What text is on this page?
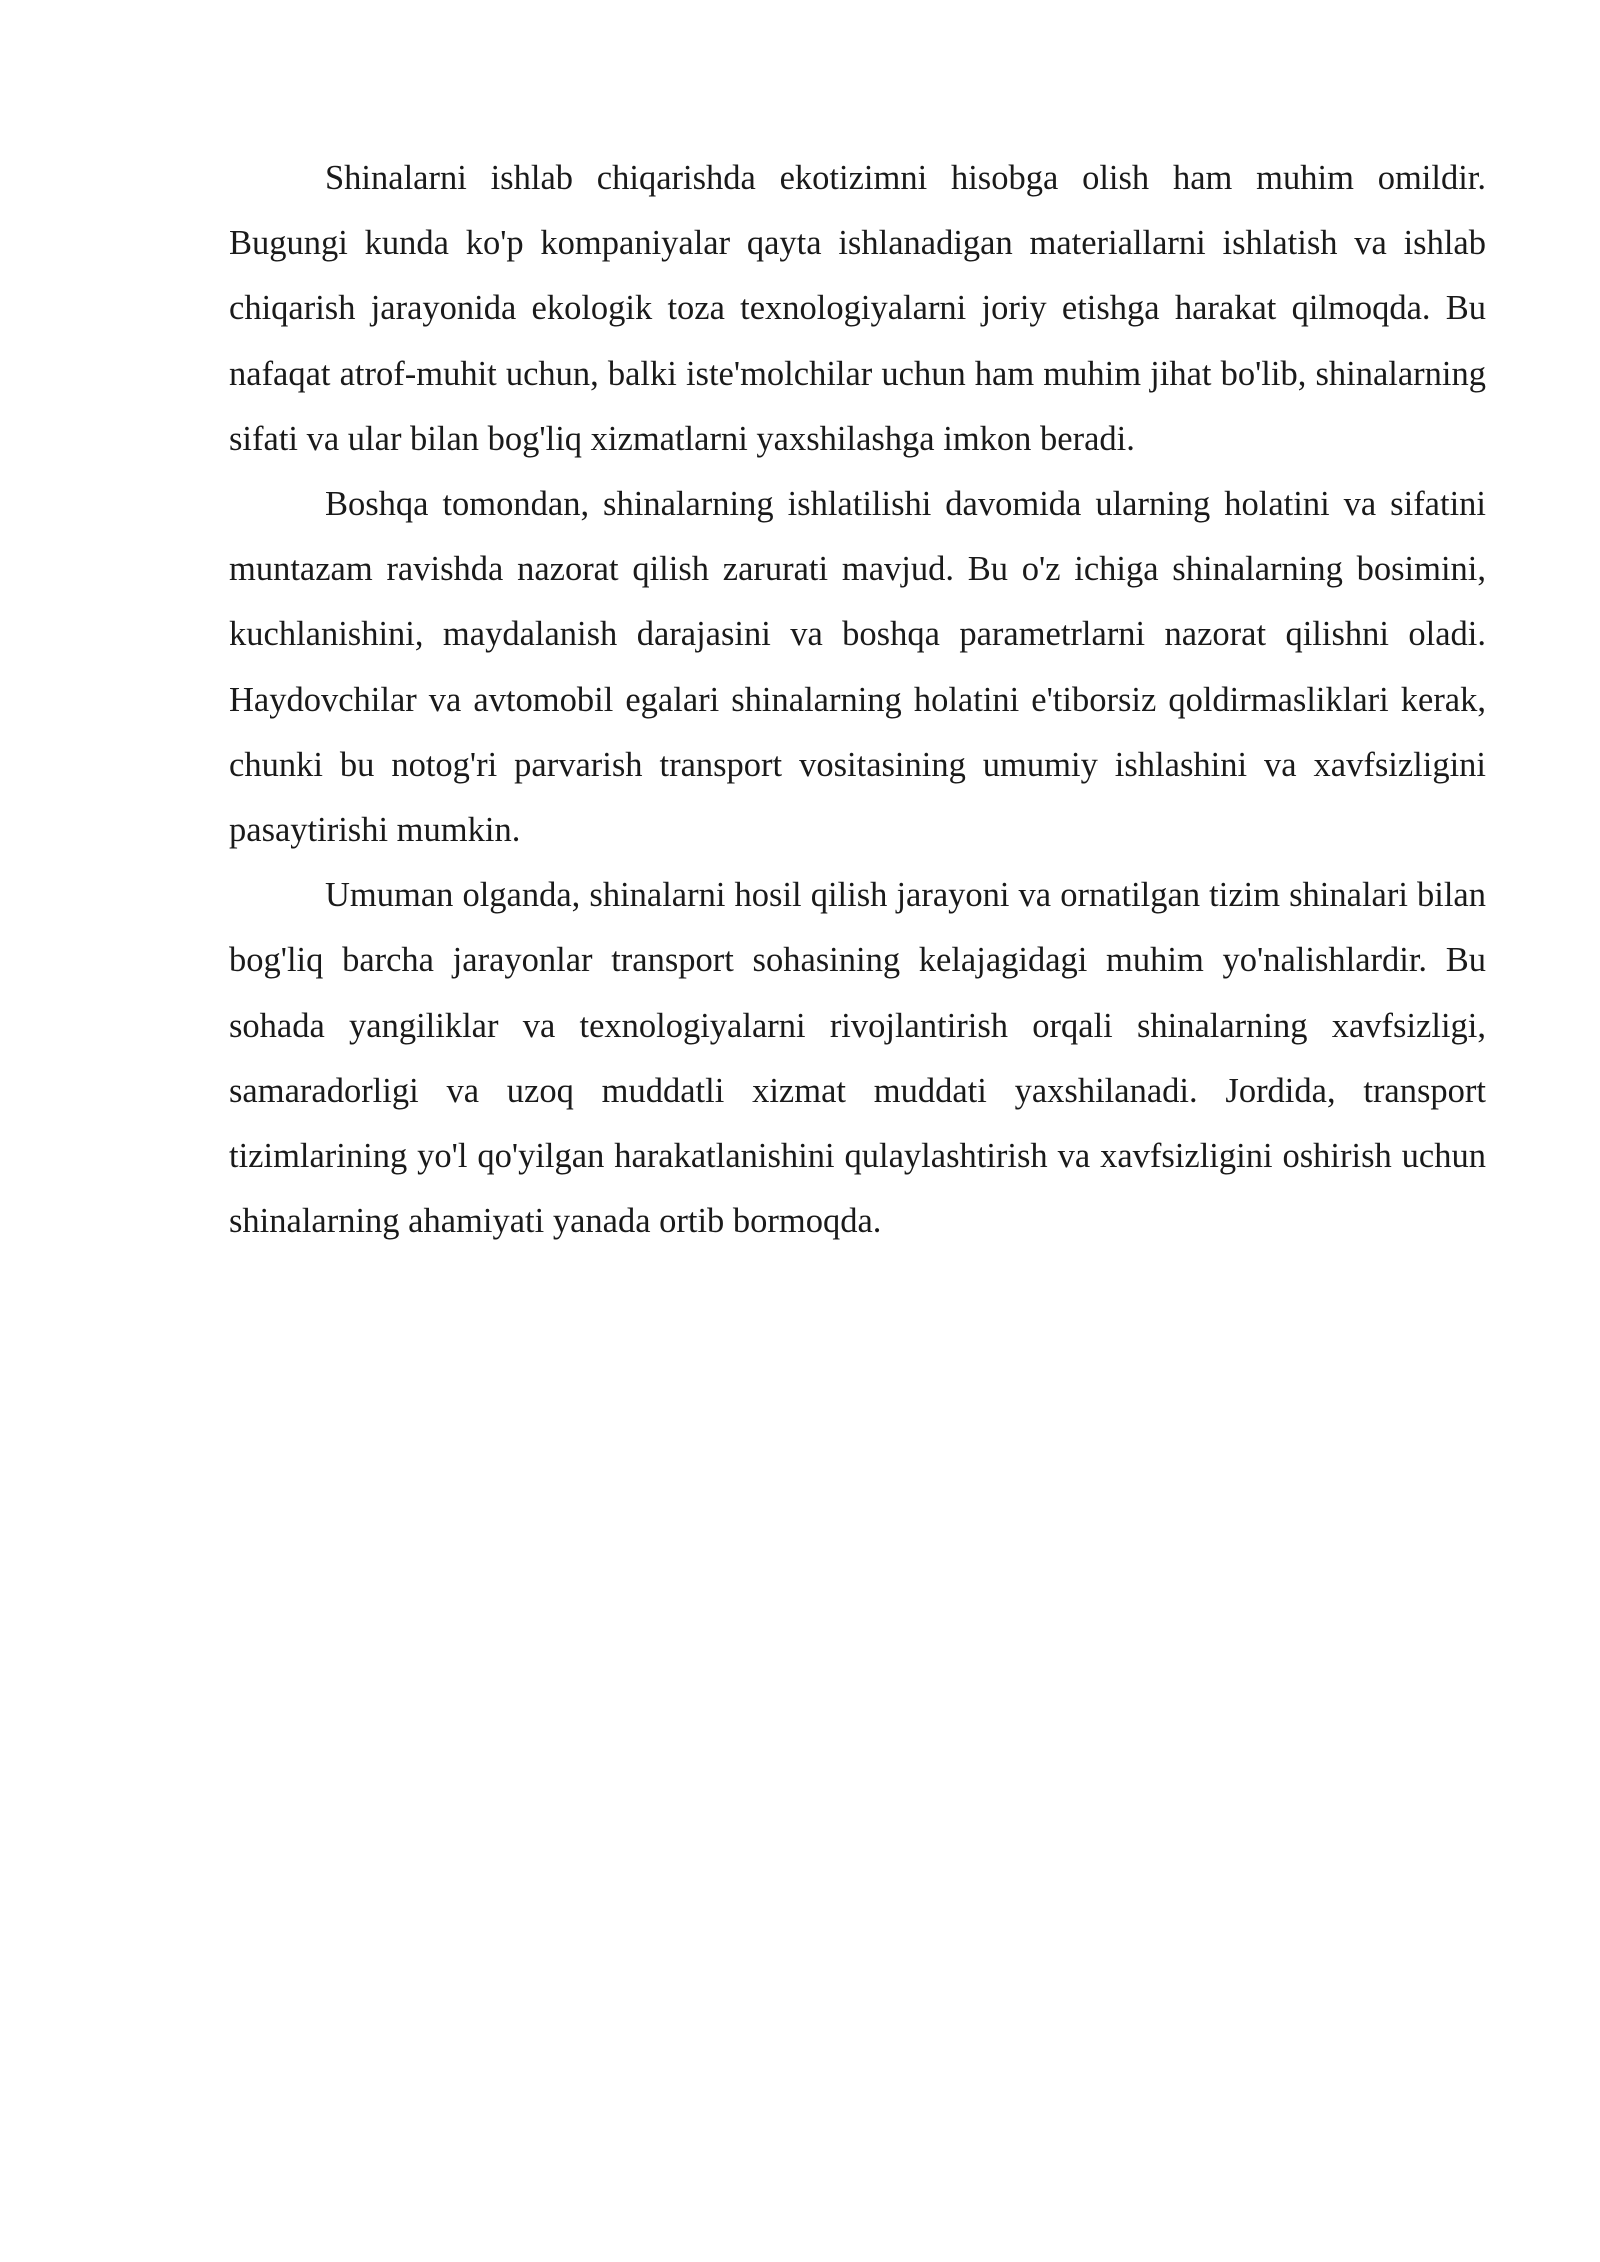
Shinalarni ishlab chiqarishda ekotizimni hisobga olish ham muhim omildir. Bugungi kunda ko'p kompaniyalar qayta ishlanadigan materiallarni ishlatish va ishlab chiqarish jarayonida ekologik toza texnologiyalarni joriy etishga harakat qilmoqda. Bu nafaqat atrof-muhit uchun, balki iste'molchilar uchun ham muhim jihat bo'lib, shinalarning sifati va ular bilan bog'liq xizmatlarni yaxshilashga imkon beradi.

Boshqa tomondan, shinalarning ishlatilishi davomida ularning holatini va sifatini muntazam ravishda nazorat qilish zarurati mavjud. Bu o'z ichiga shinalarning bosimini, kuchlanishini, maydalanish darajasini va boshqa parametrlarni nazorat qilishni oladi. Haydovchilar va avtomobil egalari shinalarning holatini e'tiborsiz qoldirmasliklari kerak, chunki bu notog'ri parvarish transport vositasining umumiy ishlashini va xavfsizligini pasaytirishi mumkin.

Umuman olganda, shinalarni hosil qilish jarayoni va ornatilgan tizim shinalari bilan bog'liq barcha jarayonlar transport sohasining kelajagidagi muhim yo'nalishlardir. Bu sohada yangiliklar va texnologiyalarni rivojlantirish orqali shinalarning xavfsizligi, samaradorligi va uzoq muddatli xizmat muddati yaxshilanadi. Jordida, transport tizimlarining yo'l qo'yilgan harakatlanishini qulaylashtirish va xavfsizligini oshirish uchun shinalarning ahamiyati yanada ortib bormoqda.
